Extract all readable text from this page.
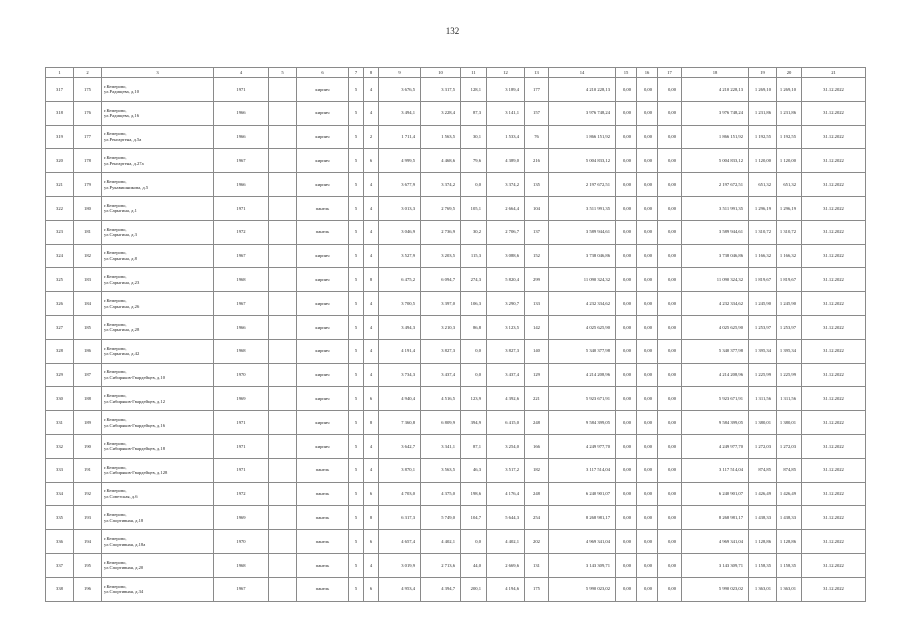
132
1	2	3	4	5	6	7	8	9	10	11	12	13	14	15	16	17	18	19	20	21
317	175	г.Кемерово,
ул.Радищева, д.10	1971		кирпич	5	4	3 676,5	3 317,5	128,1	3 189,4	177	4 210 228,13	0,00	0,00	0,00	4 210 228,13	1 269,10	1 269,10	31.12.2022
318	176	г.Кемерово,
ул.Радищева, д.16	1966		кирпич	5	4	3 494,1	3 228,4	87,3	3 141,1	157	3 976 748,24	0,00	0,00	0,00	3 976 748,24	1 231,86	1 231,86	31.12.2022
319	177	г.Кемерово,
ул.Ренгартена, д.5а	1966		кирпич	5	2	1 711,4	1 563,5	30,1	1 533,4	76	1 866 151,92	0,00	0,00	0,00	1 866 151,92	1 192,55	1 192,55	31.12.2022
320	178	г.Кемерово,
ул.Ренгартена, д.27а	1967		кирпич	5	6	4 999,5	4 468,6	79,6	4 389,0	216	5 004 833,12	0,00	0,00	0,00	5 004 833,12	1 120,00	1 120,00	31.12.2022
321	179	г.Кемерово,
ул.Рукавишникова, д.5	1966		кирпич	5	4	3 677,9	3 374,2	0,0	3 374,2	135	2 197 672,51	0,00	0,00	0,00	2 197 672,51	651,32	651,32	31.12.2022
322	180	г.Кемерово,
ул.Сарыгина, д.1	1971		панель	5	4	3 013,3	2 769,5	105,1	2 664,4	104	3 511 991,35	0,00	0,00	0,00	3 511 991,35	1 296,19	1 296,19	31.12.2022
323	181	г.Кемерово,
ул.Сарыгина, д.3	1972		панель	5	4	3 046,9	2 736,9	30,2	2 706,7	137	3 589 944,61	0,00	0,00	0,00	3 589 944,61	1 310,72	1 310,72	31.12.2022
324	182	г.Кемерово,
ул.Сарыгина, д.8	1967		кирпич	5	4	3 527,9	3 203,5	115,3	3 088,6	152	3 738 046,86	0,00	0,00	0,00	3 738 046,86	1 166,32	1 166,32	31.12.2022
325	183	г.Кемерово,
ул.Сарыгина, д.23	1968		кирпич	5	8	6 475,2	6 094,7	274,3	5 820,4	299	11 090 324,32	0,00	0,00	0,00	11 090 324,32	1 819,67	1 819,67	31.12.2022
326	184	г.Кемерово,
ул.Сарыгина, д.26	1967		кирпич	5	4	3 700,5	3 397,0	106,3	3 290,7	133	4 232 334,62	0,00	0,00	0,00	4 232 334,62	1 245,90	1 245,90	31.12.2022
327	185	г.Кемерово,
ул.Сарыгина, д.28	1966		кирпич	5	4	3 494,3	3 210,3	86,8	3 123,5	142	4 025 625,90	0,00	0,00	0,00	4 025 625,90	1 253,97	1 253,97	31.12.2022
328	186	г.Кемерово,
ул.Сарыгина, д.42	1968		кирпич	5	4	4 191,4	3 827,3	0,0	3 827,3	140	5 340 377,98	0,00	0,00	0,00	5 340 377,98	1 395,34	1 395,34	31.12.2022
329	187	г.Кемерово,
ул.Сибиряков-Гвардейцев, д.10	1970		кирпич	5	4	3 734,3	3 437,4	0,0	3 437,4	129	4 214 208,96	0,00	0,00	0,00	4 214 208,96	1 225,99	1 225,99	31.12.2022
330	188	г.Кемерово,
ул.Сибиряков-Гвардейцев, д.12	1969		кирпич	5	6	4 940,4	4 516,5	123,9	4 392,6	221	5 923 671,91	0,00	0,00	0,00	5 923 671,91	1 311,56	1 311,56	31.12.2022
331	189	г.Кемерово,
ул.Сибиряков-Гвардейцев, д.16	1971		кирпич	5	8	7 360,8	6 809,9	394,9	6 415,0	248	9 584 399,05	0,00	0,00	0,00	9 584 399,05	1 380,01	1 380,01	31.12.2022
332	190	г.Кемерово,
ул.Сибиряков-Гвардейцев, д.18	1971		кирпич	5	4	3 642,7	3 341,1	87,1	3 254,0	166	4 249 977,70	0,00	0,00	0,00	4 249 977,70	1 272,03	1 272,03	31.12.2022
333	191	г.Кемерово,
ул.Сибиряков-Гвардейцев, д.128	1971		панель	5	4	3 870,1	3 563,5	46,3	3 517,2	182	3 117 514,04	0,00	0,00	0,00	3 117 514,04	874,85	874,85	31.12.2022
334	192	г.Кемерово,
ул.Советская, д.6	1972		панель	5	6	4 703,0	4 375,0	198,6	4 176,4	248	6 240 901,07	0,00	0,00	0,00	6 240 901,07	1 426,49	1 426,49	31.12.2022
335	193	г.Кемерово,
ул.Спортивная, д.18	1969		панель	5	8	6 317,3	5 749,0	104,7	5 644,3	254	8 268 981,17	0,00	0,00	0,00	8 268 981,17	1 438,33	1 438,33	31.12.2022
336	194	г.Кемерово,
ул.Спортивная, д.18а	1970		панель	5	6	4 657,4	4 402,1	0,0	4 402,1	202	4 969 341,04	0,00	0,00	0,00	4 969 341,04	1 128,86	1 128,86	31.12.2022
337	195	г.Кемерово,
ул.Спортивная, д.20	1968		панель	5	4	3 019,9	2 713,6	44,0	2 669,6	131	3 143 309,71	0,00	0,00	0,00	3 143 309,71	1 158,35	1 158,35	31.12.2022
338	196	г.Кемерово,
ул.Спортивная, д.34	1967		панель	5	6	4 953,4	4 394,7	200,1	4 194,6	175	5 990 023,02	0,00	0,00	0,00	5 990 023,02	1 363,01	1 363,01	31.12.2022
